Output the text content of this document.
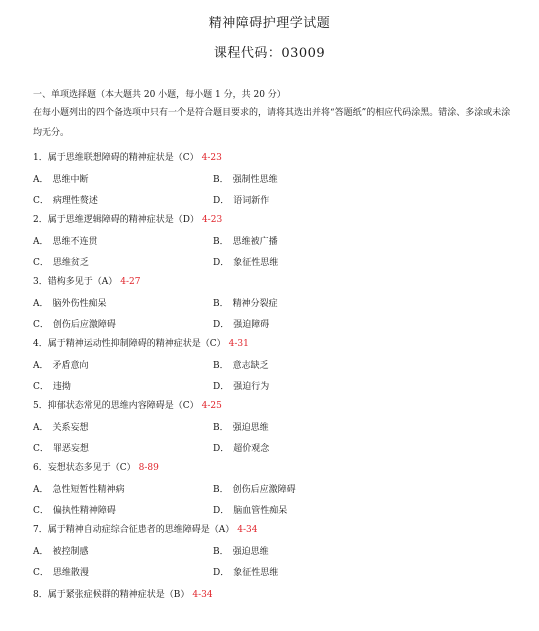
精神障碍护理学试题
课程代码：03009
一、单项选择题（本大题共 20 小题，每小题 1 分，共 20 分）
在每小题列出的四个备选项中只有一个是符合题目要求的，请将其选出并将“答题纸”的相应代码涂黑。错涂、多涂或未涂均无分。
1．属于思维联想障碍的精神症状是（C） 4-23
A． 思维中断	B． 强制性思维
C． 病理性赘述	D． 语词新作
2．属于思维逻辑障碍的精神症状是（D） 4-23
A． 思维不连贯	B． 思维被广播
C． 思维贫乏	D． 象征性思维
3．错构多见于（A） 4-27
A． 脑外伤性痴呆	B． 精神分裂症
C． 创伤后应激障碍	D． 强迫障碍
4．属于精神运动性抑制障碍的精神症状是（C） 4-31
A． 矛盾意向	B． 意志缺乏
C． 违拗	D． 强迫行为
5．抑郁状态常见的思维内容障碍是（C） 4-25
A． 关系妄想	B． 强迫思维
C． 罪恶妄想	D． 超价观念
6．妄想状态多见于（C） 8-89
A． 急性短暂性精神病	B． 创伤后应激障碍
C． 偏执性精神障碍	D． 脑血管性痴呆
7．属于精神自动症综合征患者的思维障碍是（A） 4-34
A． 被控制感	B． 强迫思维
C． 思维散漫	D． 象征性思维
8．属于紧张症候群的精神症状是（B） 4-34
